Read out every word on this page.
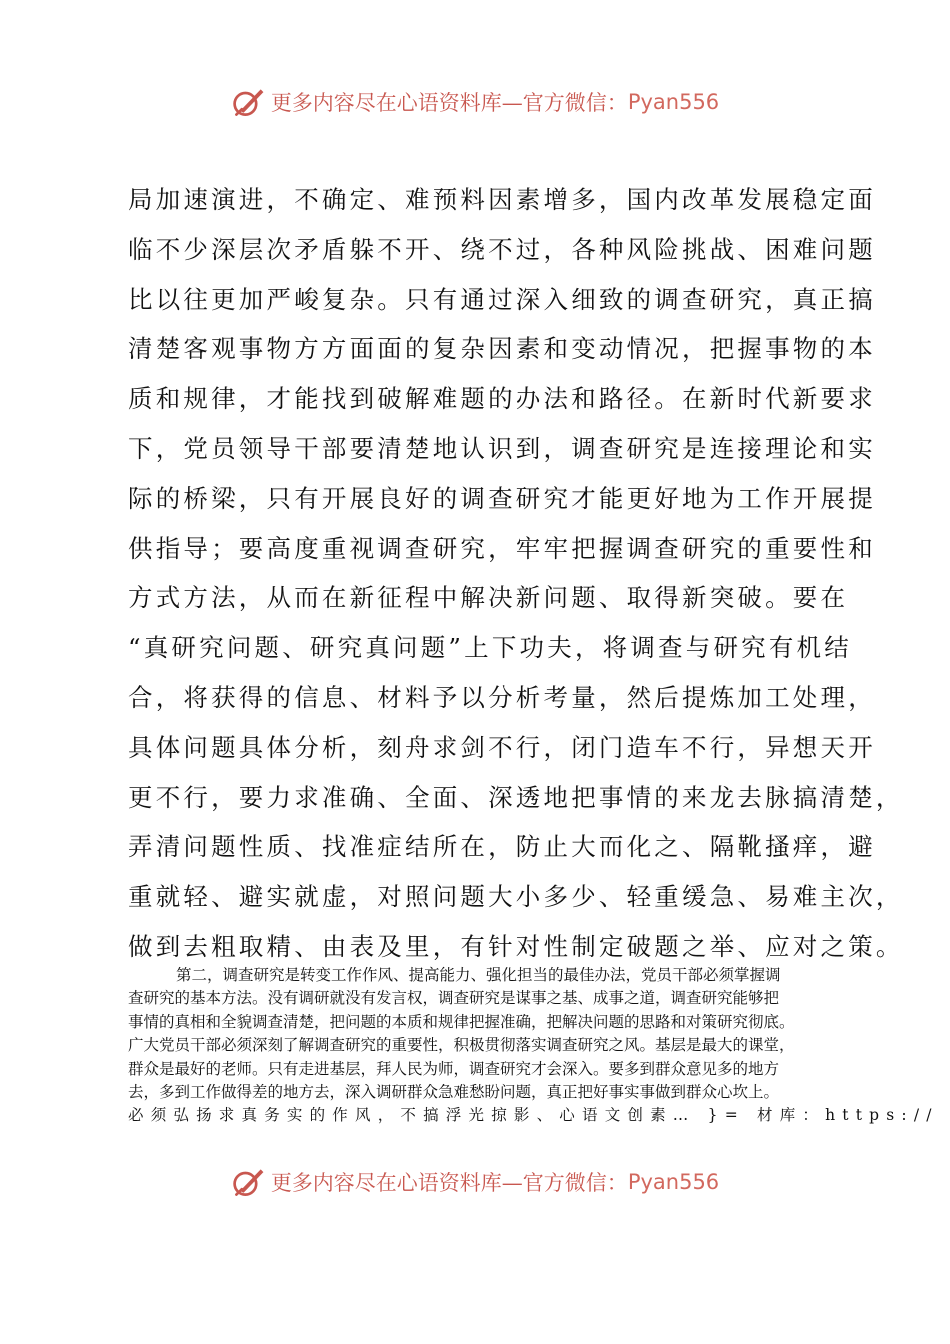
更多内容尽在心语资料库—官方微信： Pyan556
局加速演进，不确定、难预料因素增多，国内改革发展稳定面
临不少深层次矛盾躲不开、绕不过，各种风险挑战、困难问题
比以往更加严峻复杂。只有通过深入细致的调查研究，真正搞
清楚客观事物方方面面的复杂因素和变动情况，把握事物的本
质和规律，才能找到破解难题的办法和路径。在新时代新要求
下，党员领导干部要清楚地认识到，调查研究是连接理论和实
际的桥梁，只有开展良好的调查研究才能更好地为工作开展提
供指导；要高度重视调查研究，牢牢把握调查研究的重要性和
方式方法，从而在新征程中解决新问题、取得新突破。要在
“真研究问题、研究真问题”上下功夫，将调查与研究有机结
合，将获得的信息、材料予以分析考量，然后提炼加工处理，
具体问题具体分析，刻舟求剑不行，闭门造车不行，异想天开
更不行，要力求准确、全面、深透地把事情的来龙去脉搞清楚，
弄清问题性质、找准症结所在，防止大而化之、隔靴搔痒，避
重就轻、避实就虚，对照问题大小多少、轻重缓急、易难主次，
做到去粗取精、由表及里，有针对性制定破题之举、应对之策。
第二，调查研究是转变工作作风、提高能力、强化担当的最佳办法，党员干部必须掌握调
查研究的基本方法。没有调研就没有发言权，调查研究是谋事之基、成事之道，调查研究能够把
事情的真相和全貌调查清楚，把问题的本质和规律把握准确，把解决问题的思路和对策研究彻底。
广大党员干部必须深刻了解调查研究的重要性，积极贯彻落实调查研究之风。基层是最大的课堂，
群众是最好的老师。只有走进基层，拜人民为师，调查研究才会深入。要多到群众意见多的地方
去，多到工作做得差的地方去，深入调研群众急难愁盼问题，真正把好事实事做到群众心坎上。
必须弘扬求真务实的作风，不搞浮光掠影、心语文创素… }= 材库：https://
更多内容尽在心语资料库—官方微信： Pyan556
